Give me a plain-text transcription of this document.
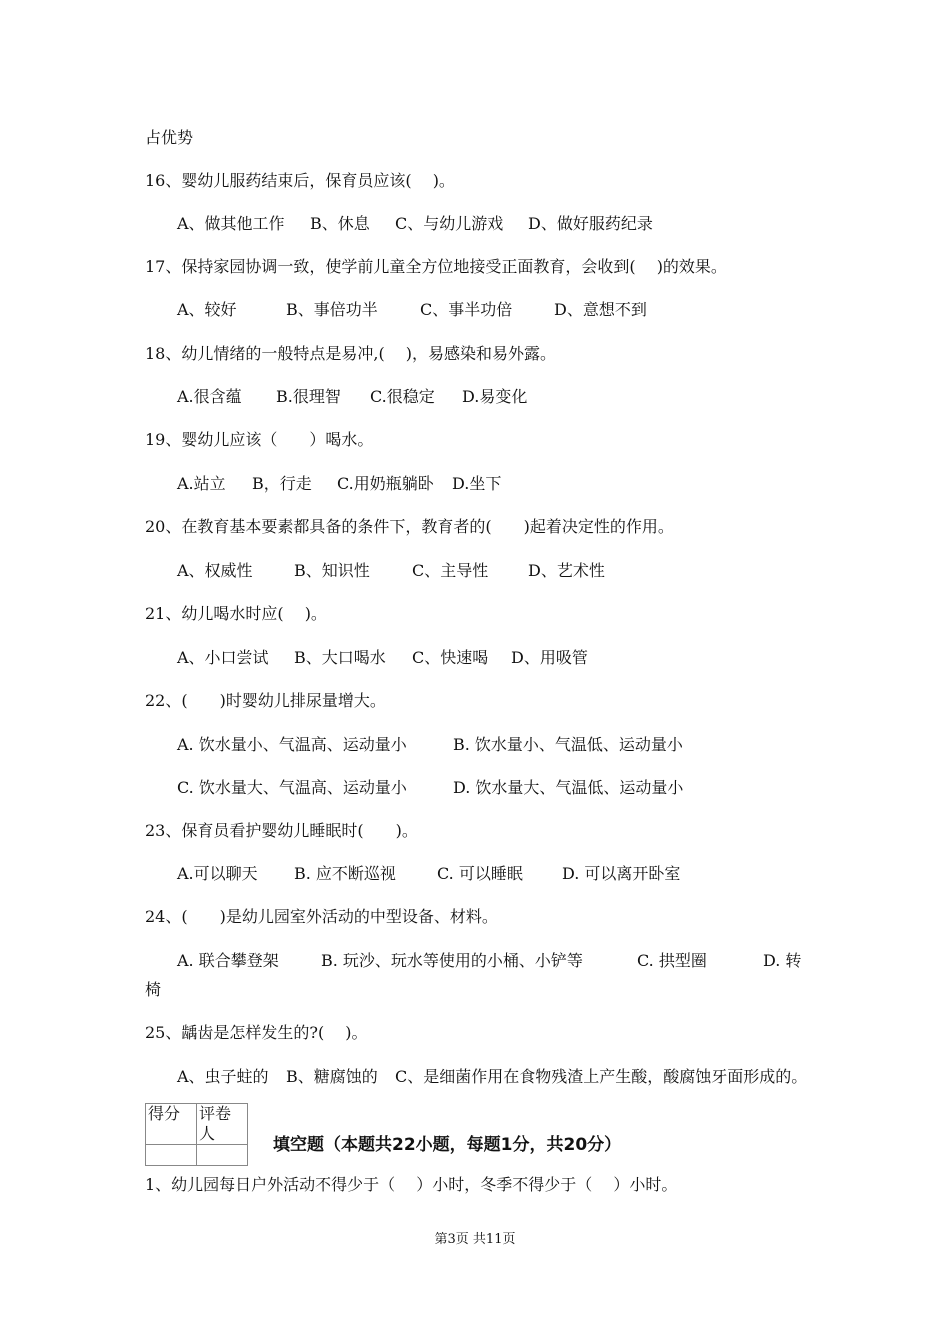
占优势
16、婴幼儿服药结束后，保育员应该(　 )。
A、做其他工作 B、休息 C、与幼儿游戏 D、做好服药纪录
17、保持家园协调一致，使学前儿童全方位地接受正面教育，会收到(　 )的效果。
A、较好	B、事倍功半	C、事半功倍	D、意想不到
18、幼儿情绪的一般特点是易冲,(　 )，易感染和易外露。
A.很含蕴 B.很理智 C.很稳定 D.易变化
19、婴幼儿应该（　　）喝水。
A.站立 B，行走 C.用奶瓶躺卧 D.坐下
20、在教育基本要素都具备的条件下，教育者的(　　)起着决定性的作用。
A、权威性	B、知识性	C、主导性 D、艺术性
21、幼儿喝水时应(　 )。
A、小口尝试 B、大口喝水 C、快速喝 D、用吸管
22、(　　)时婴幼儿排尿量增大。
A. 饮水量小、气温高、运动量小	B. 饮水量小、气温低、运动量小
C. 饮水量大、气温高、运动量小	D. 饮水量大、气温低、运动量小
23、保育员看护婴幼儿睡眠时(　　)。
A.可以聊天 B. 应不断巡视	C. 可以睡眠 D. 可以离开卧室
24、(　　)是幼儿园室外活动的中型设备、材料。
A. 联合攀登架	B. 玩沙、玩水等使用的小桶、小铲等	C. 拱型圈	D. 转
椅
25、龋齿是怎样发生的?(　 )。
A、虫子蛀的 B、糖腐蚀的 C、是细菌作用在食物残渣上产生酸，酸腐蚀牙面形成的。
得分	评卷人

填空题（本题共22小题，每题1分，共20分）
1、幼儿园每日户外活动不得少于（　 ）小时，冬季不得少于（　 ）小时。
第3页 共11页
